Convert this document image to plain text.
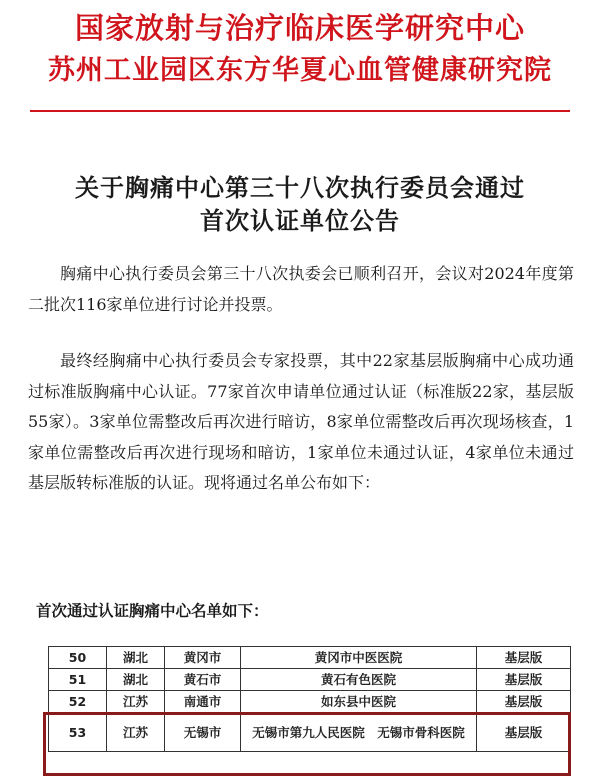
国家放射与治疗临床医学研究中心
苏州工业园区东方华夏心血管健康研究院
关于胸痛中心第三十八次执行委员会通过
首次认证单位公告
胸痛中心执行委员会第三十八次执委会已顺利召开，会议对2024年度第二批次116家单位进行讨论并投票。
最终经胸痛中心执行委员会专家投票，其中22家基层版胸痛中心成功通过标准版胸痛中心认证。77家首次申请单位通过认证（标准版22家，基层版55家）。3家单位需整改后再次进行暗访，8家单位需整改后再次现场核查，1家单位需整改后再次进行现场和暗访，1家单位未通过认证，4家单位未通过基层版转标准版的认证。现将通过名单公布如下：
首次通过认证胸痛中心名单如下：
50	湖北	黄冈市	黄冈市中医医院	基层版
51	湖北	黄石市	黄石有色医院	基层版
52	江苏	南通市	如东县中医院	基层版
53	江苏	无锡市	无锡市第九人民医院　无锡市骨科医院	基层版
